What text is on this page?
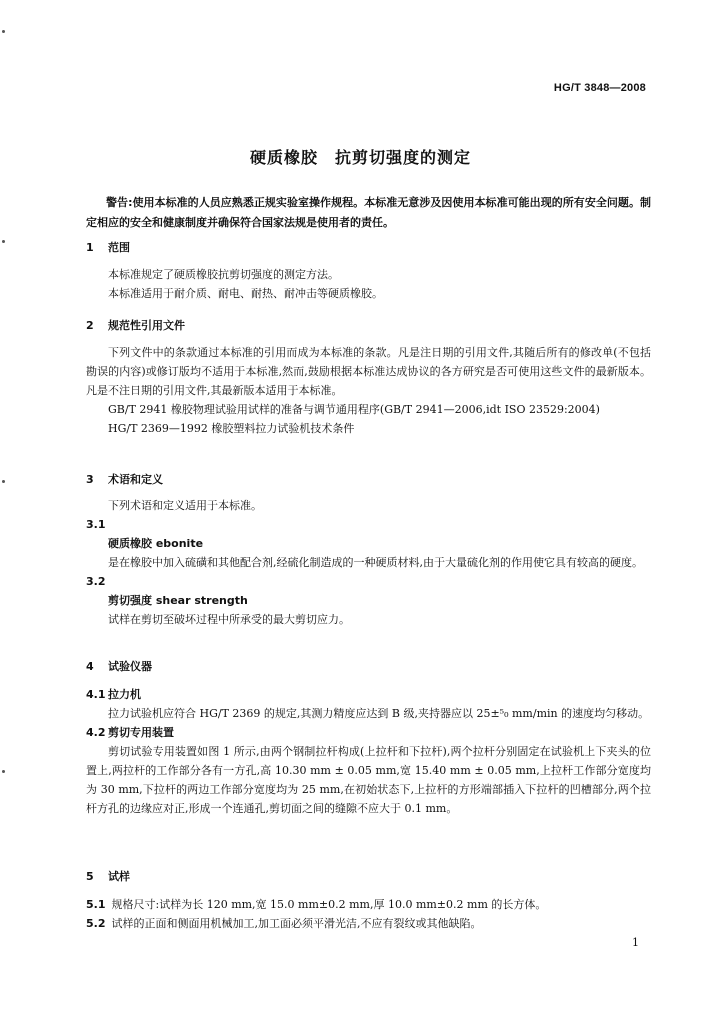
HG/T 3848—2008
硬质橡胶　抗剪切强度的测定
警告:使用本标准的人员应熟悉正规实验室操作规程。本标准无意涉及因使用本标准可能出现的所有安全问题。制定相应的安全和健康制度并确保符合国家法规是使用者的责任。
1 范围
本标准规定了硬质橡胶抗剪切强度的测定方法。
本标准适用于耐介质、耐电、耐热、耐冲击等硬质橡胶。
2 规范性引用文件
下列文件中的条款通过本标准的引用而成为本标准的条款。凡是注日期的引用文件,其随后所有的修改单(不包括勘误的内容)或修订版均不适用于本标准,然而,鼓励根据本标准达成协议的各方研究是否可使用这些文件的最新版本。凡是不注日期的引用文件,其最新版本适用于本标准。
GB/T 2941 橡胶物理试验用试样的准备与调节通用程序(GB/T 2941—2006,idt ISO 23529:2004)
HG/T 2369—1992 橡胶塑料拉力试验机技术条件
3 术语和定义
下列术语和定义适用于本标准。
3.1
硬质橡胶 ebonite
是在橡胶中加入硫磺和其他配合剂,经硫化制造成的一种硬质材料,由于大量硫化剂的作用使它具有较高的硬度。
3.2
剪切强度 shear strength
试样在剪切至破坏过程中所承受的最大剪切应力。
4 试验仪器
4.1 拉力机
拉力试验机应符合 HG/T 2369 的规定,其测力精度应达到 B 级,夹持器应以 25±⁵₀ mm/min 的速度均匀移动。
4.2 剪切专用装置
剪切试验专用装置如图 1 所示,由两个钢制拉杆构成(上拉杆和下拉杆),两个拉杆分别固定在试验机上下夹头的位置上,两拉杆的工作部分各有一方孔,高 10.30 mm ± 0.05 mm,宽 15.40 mm ± 0.05 mm,上拉杆工作部分宽度均为 30 mm,下拉杆的两边工作部分宽度均为 25 mm,在初始状态下,上拉杆的方形端部插入下拉杆的凹槽部分,两个拉杆方孔的边缘应对正,形成一个连通孔,剪切面之间的缝隙不应大于 0.1 mm。
5 试样
5.1 规格尺寸:试样为长 120 mm,宽 15.0 mm±0.2 mm,厚 10.0 mm±0.2 mm 的长方体。
5.2 试样的正面和侧面用机械加工,加工面必须平滑光洁,不应有裂纹或其他缺陷。
1
